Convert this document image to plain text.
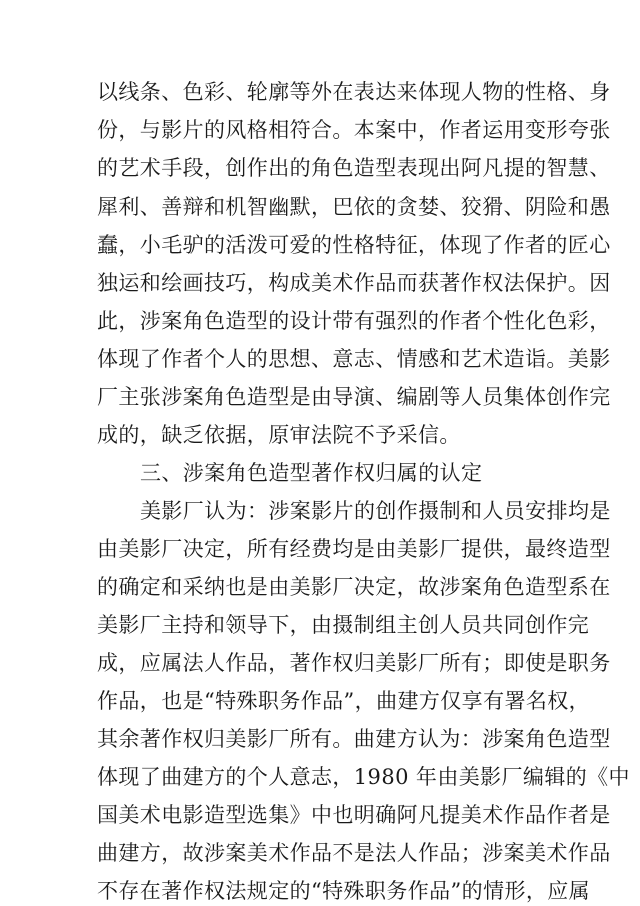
以线条、色彩、轮廓等外在表达来体现人物的性格、身
份，与影片的风格相符合。本案中，作者运用变形夸张
的艺术手段，创作出的角色造型表现出阿凡提的智慧、
犀利、善辩和机智幽默，巴依的贪婪、狡猾、阴险和愚
蠢，小毛驴的活泼可爱的性格特征，体现了作者的匠心
独运和绘画技巧，构成美术作品而获著作权法保护。因
此，涉案角色造型的设计带有强烈的作者个性化色彩，
体现了作者个人的思想、意志、情感和艺术造诣。美影
厂主张涉案角色造型是由导演、编剧等人员集体创作完
成的，缺乏依据，原审法院不予采信。
三、涉案角色造型著作权归属的认定
美影厂认为：涉案影片的创作摄制和人员安排均是
由美影厂决定，所有经费均是由美影厂提供，最终造型
的确定和采纳也是由美影厂决定，故涉案角色造型系在
美影厂主持和领导下，由摄制组主创人员共同创作完
成，应属法人作品，著作权归美影厂所有；即使是职务
作品，也是“特殊职务作品”，曲建方仅享有署名权，
其余著作权归美影厂所有。曲建方认为：涉案角色造型
体现了曲建方的个人意志，1980 年由美影厂编辑的《中
国美术电影造型选集》中也明确阿凡提美术作品作者是
曲建方，故涉案美术作品不是法人作品；涉案美术作品
不存在著作权法规定的“特殊职务作品”的情形，应属
